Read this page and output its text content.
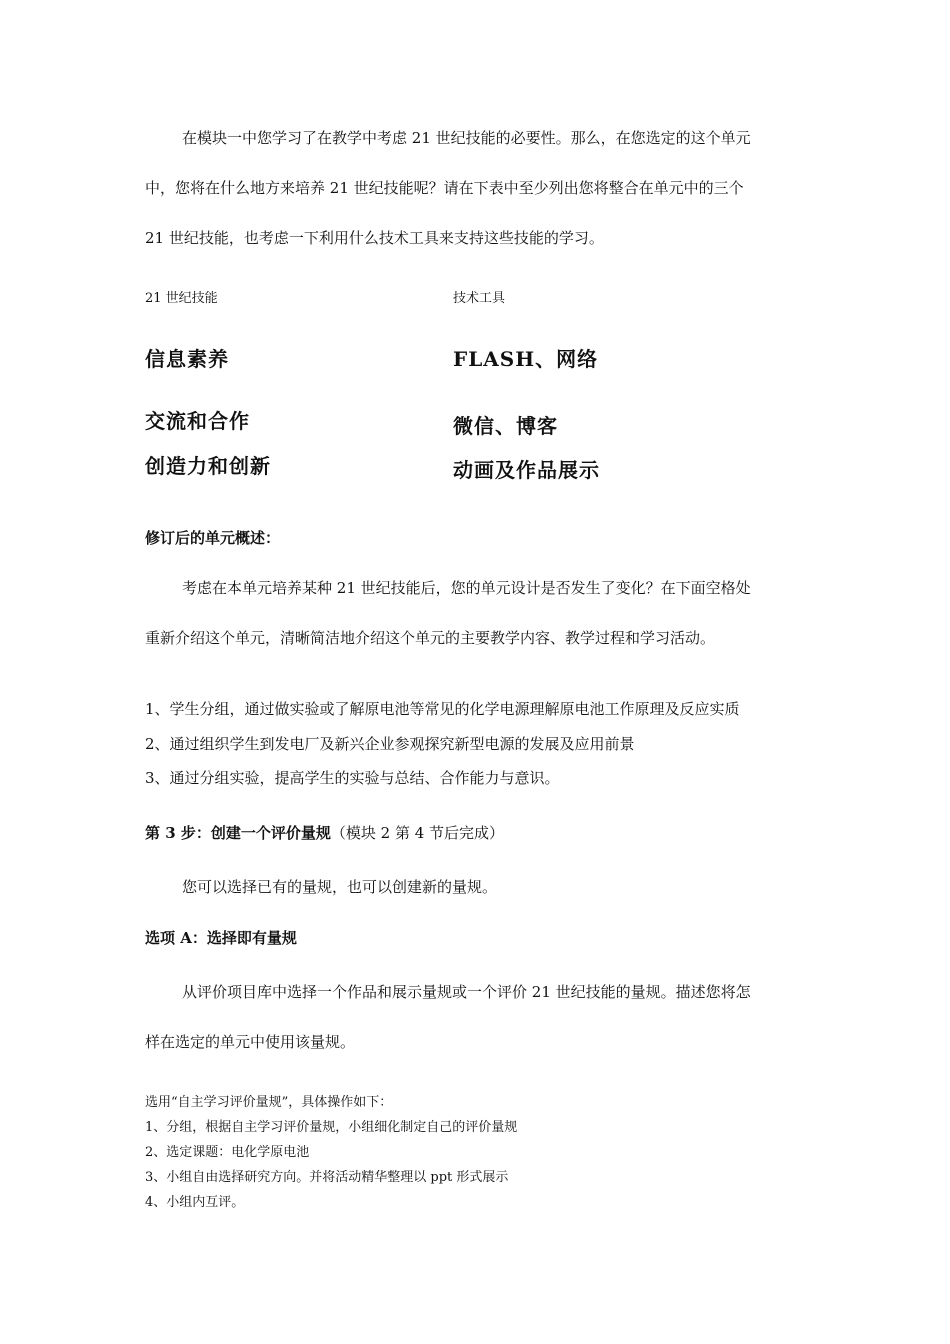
在模块一中您学习了在教学中考虑 21 世纪技能的必要性。那么，在您选定的这个单元
中，您将在什么地方来培养 21 世纪技能呢？请在下表中至少列出您将整合在单元中的三个
21 世纪技能，也考虑一下利用什么技术工具来支持这些技能的学习。
21 世纪技能	技术工具
信息素养	FLASH、网络
交流和合作	微信、博客
创造力和创新	动画及作品展示
修订后的单元概述：
考虑在本单元培养某种 21 世纪技能后，您的单元设计是否发生了变化？在下面空格处
重新介绍这个单元，清晰简洁地介绍这个单元的主要教学内容、教学过程和学习活动。
1、学生分组，通过做实验或了解原电池等常见的化学电源理解原电池工作原理及反应实质
2、通过组织学生到发电厂及新兴企业参观探究新型电源的发展及应用前景
3、通过分组实验，提高学生的实验与总结、合作能力与意识。
第 3 步：创建一个评价量规（模块 2 第 4 节后完成）
您可以选择已有的量规，也可以创建新的量规。
选项 A：选择即有量规
从评价项目库中选择一个作品和展示量规或一个评价 21 世纪技能的量规。描述您将怎
样在选定的单元中使用该量规。
选用“自主学习评价量规”，具体操作如下：
1、分组，根据自主学习评价量规，小组细化制定自己的评价量规
2、选定课题：电化学原电池
3、小组自由选择研究方向。并将活动精华整理以 ppt 形式展示
4、小组内互评。
